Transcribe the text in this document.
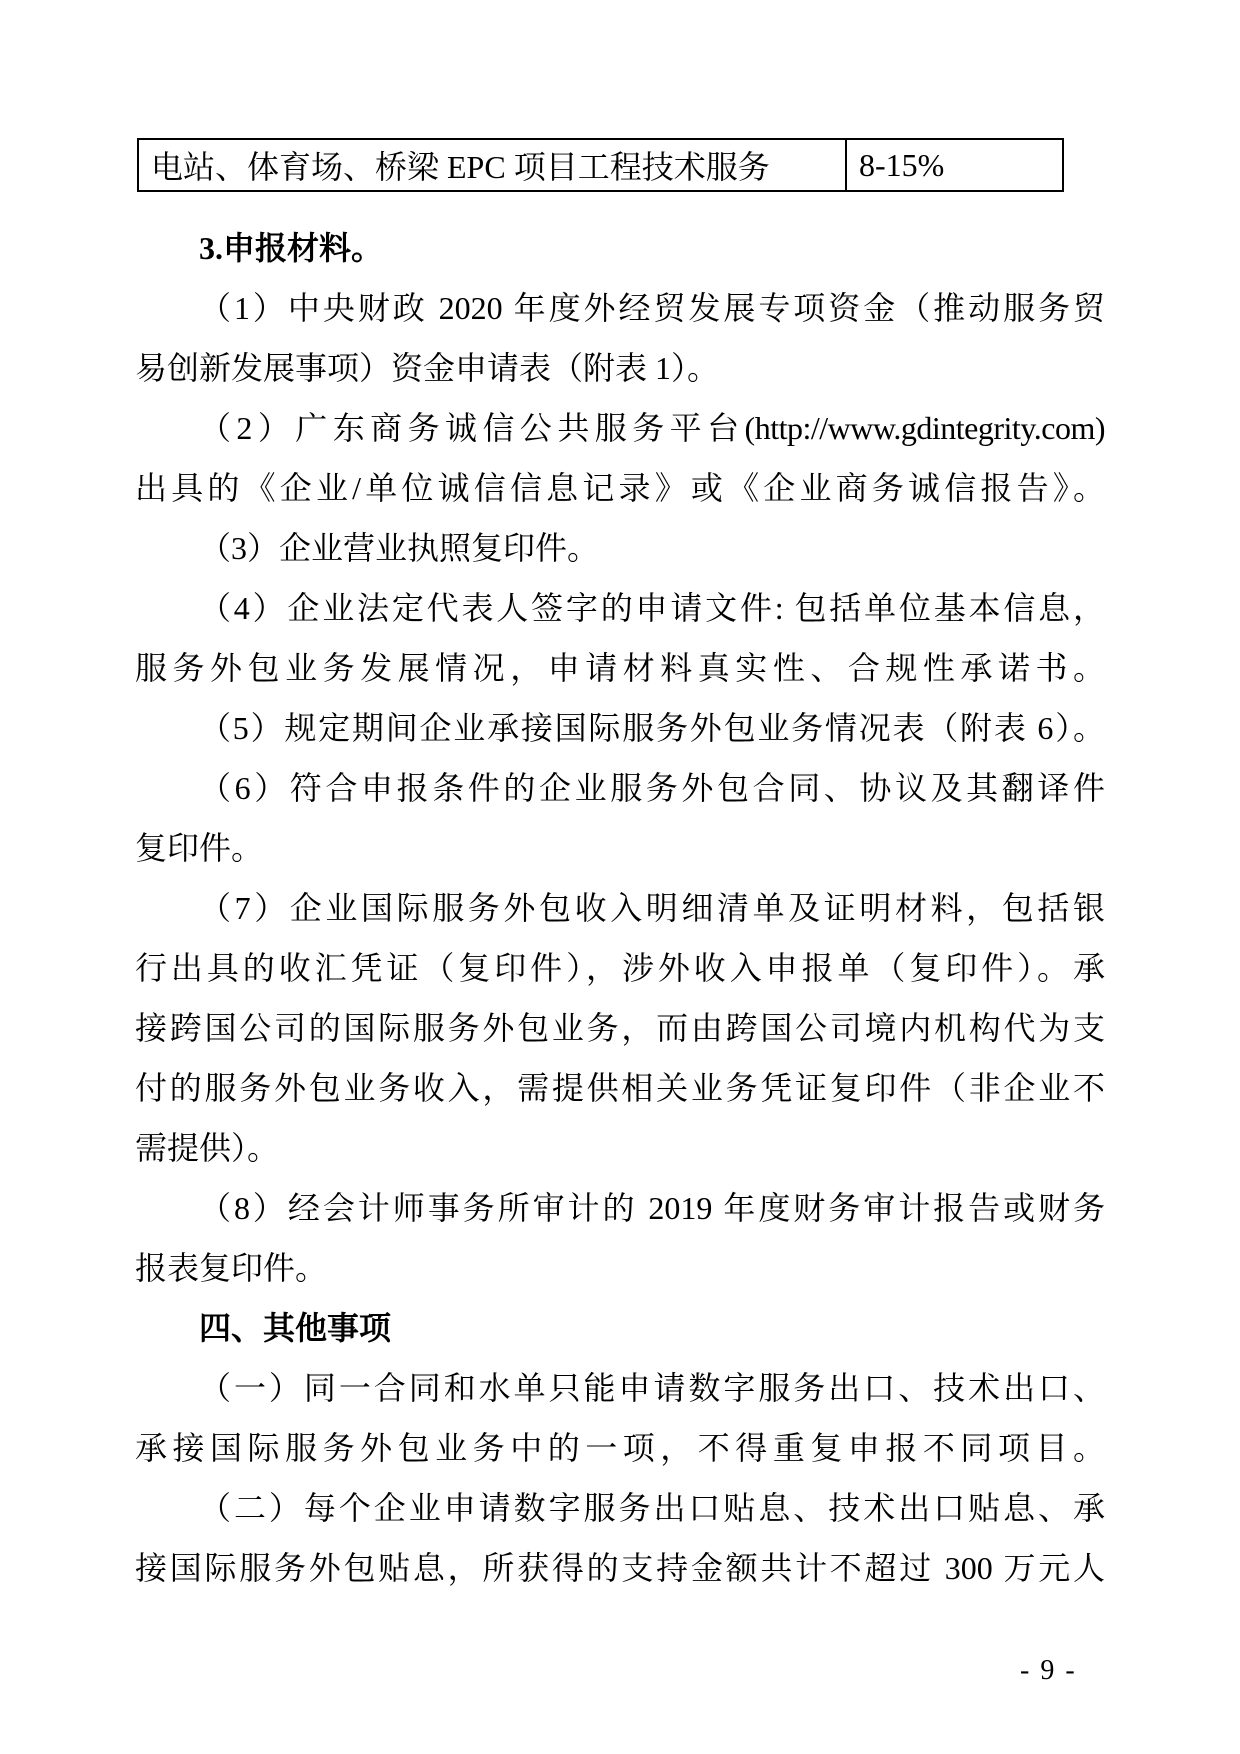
电站、体育场、桥梁 EPC 项目工程技术服务	8-15%
3.申报材料。
（1）中央财政 2020 年度外经贸发展专项资金（推动服务贸
易创新发展事项）资金申请表（附表 1）。
（2）广东商务诚信公共服务平台(http://www.gdintegrity.com)
出具的《企业/单位诚信信息记录》或《企业商务诚信报告》。
（3）企业营业执照复印件。
（4）企业法定代表人签字的申请文件: 包括单位基本信息，
服务外包业务发展情况，申请材料真实性、合规性承诺书。
（5）规定期间企业承接国际服务外包业务情况表（附表 6）。
（6）符合申报条件的企业服务外包合同、协议及其翻译件
复印件。
（7）企业国际服务外包收入明细清单及证明材料，包括银
行出具的收汇凭证（复印件），涉外收入申报单（复印件）。承
接跨国公司的国际服务外包业务，而由跨国公司境内机构代为支
付的服务外包业务收入，需提供相关业务凭证复印件（非企业不
需提供）。
（8）经会计师事务所审计的 2019 年度财务审计报告或财务
报表复印件。
四、其他事项
（一）同一合同和水单只能申请数字服务出口、技术出口、
承接国际服务外包业务中的一项，不得重复申报不同项目。
（二）每个企业申请数字服务出口贴息、技术出口贴息、承
接国际服务外包贴息，所获得的支持金额共计不超过 300 万元人
- 9 -
